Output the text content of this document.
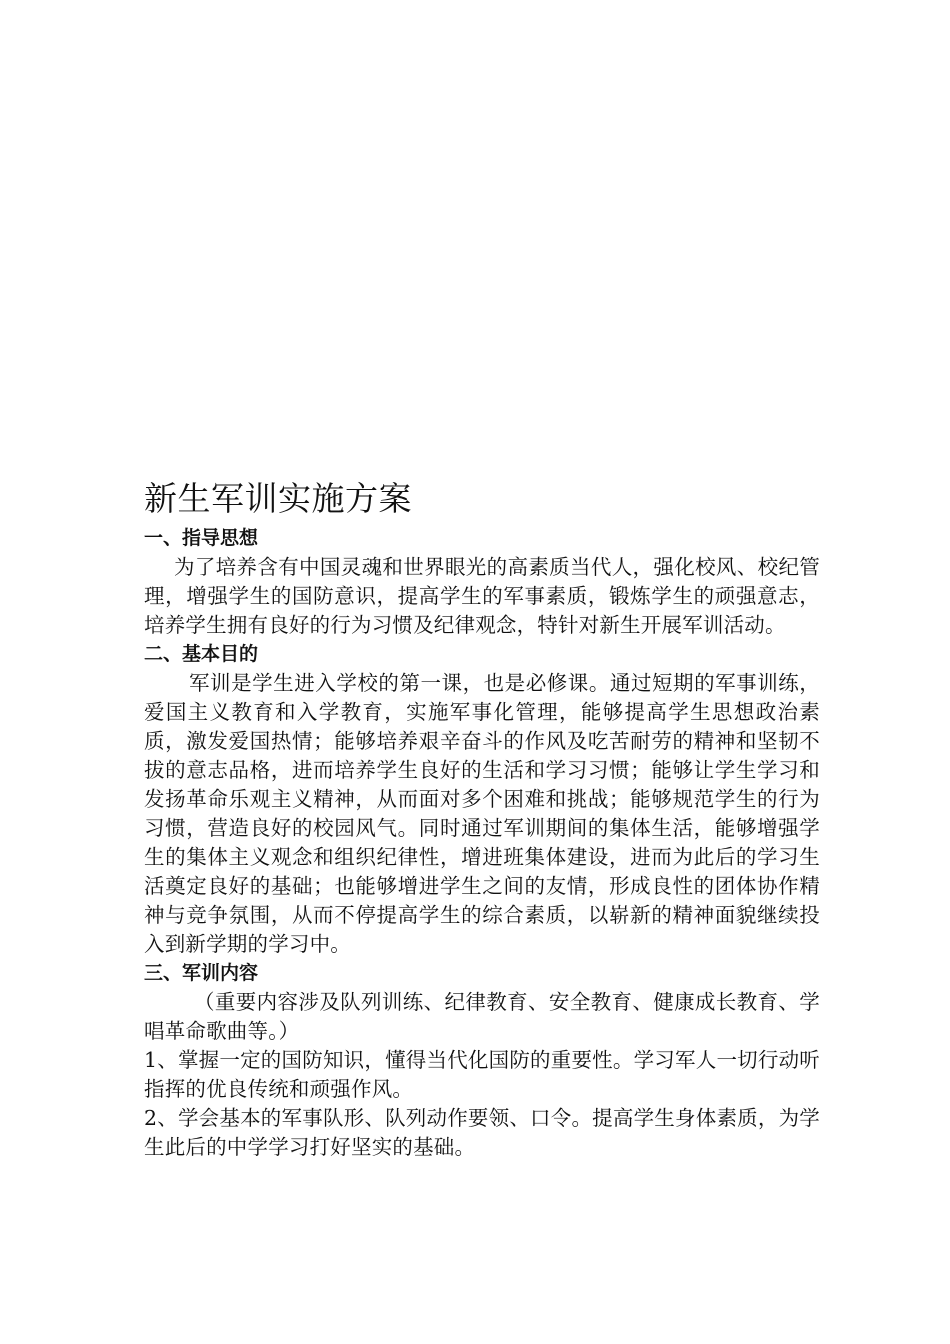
新生军训实施方案
一、指导思想

为了培养含有中国灵魂和世界眼光的高素质当代人，强化校风、校纪管理，增强学生的国防意识，提高学生的军事素质，锻炼学生的顽强意志，培养学生拥有良好的行为习惯及纪律观念，特针对新生开展军训活动。

二、基本目的

军训是学生进入学校的第一课，也是必修课。通过短期的军事训练，爱国主义教育和入学教育，实施军事化管理，能够提高学生思想政治素质，激发爱国热情；能够培养艰辛奋斗的作风及吃苦耐劳的精神和坚韧不拔的意志品格，进而培养学生良好的生活和学习习惯；能够让学生学习和发扬革命乐观主义精神，从而面对多个困难和挑战；能够规范学生的行为习惯，营造良好的校园风气。同时通过军训期间的集体生活，能够增强学生的集体主义观念和组织纪律性，增进班集体建设，进而为此后的学习生活奠定良好的基础；也能够增进学生之间的友情，形成良性的团体协作精神与竞争氛围，从而不停提高学生的综合素质，以崭新的精神面貌继续投入到新学期的学习中。

三、军训内容

（重要内容涉及队列训练、纪律教育、安全教育、健康成长教育、学唱革命歌曲等。）

1、掌握一定的国防知识，懂得当代化国防的重要性。学习军人一切行动听指挥的优良传统和顽强作风。

2、学会基本的军事队形、队列动作要领、口令。提高学生身体素质，为学生此后的中学学习打好坚实的基础。
